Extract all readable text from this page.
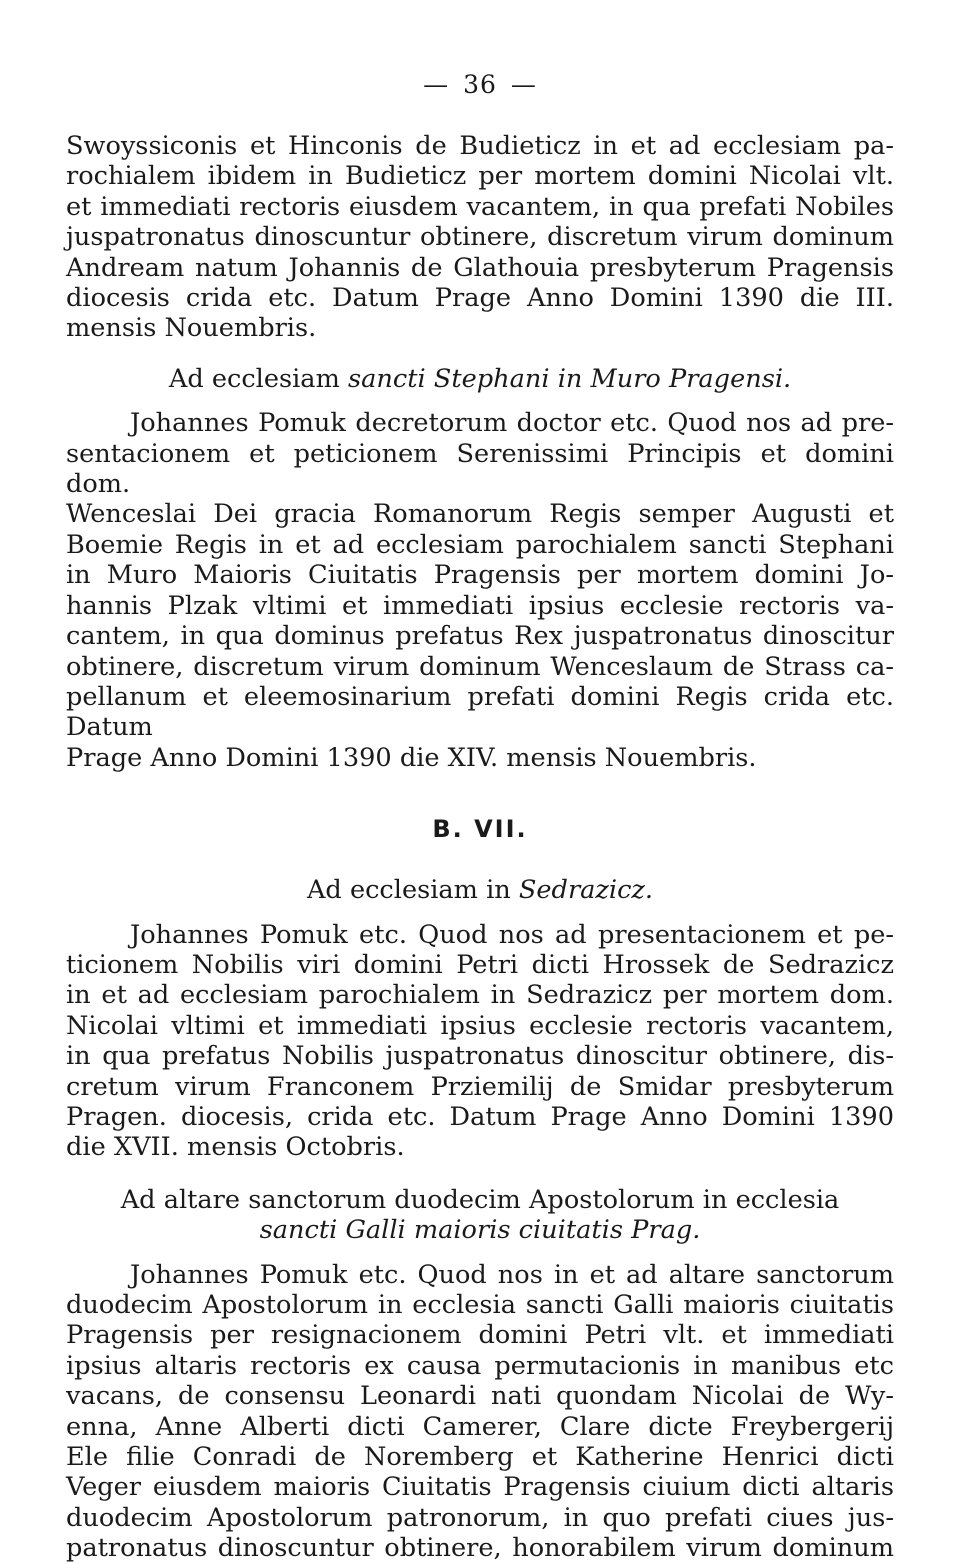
— 36 —
Swoyssiconis et Hinconis de Budieticz in et ad ecclesiam pa-
rochialem ibidem in Budieticz per mortem domini Nicolai vlt.
et immediati rectoris eiusdem vacantem, in qua prefati Nobiles
juspatronatus dinoscuntur obtinere, discretum virum dominum
Andream natum Johannis de Glathouia presbyterum Pragensis
diocesis crida etc. Datum Prage Anno Domini 1390 die III.
mensis Nouembris.
Ad ecclesiam sancti Stephani in Muro Pragensi.
Johannes Pomuk decretorum doctor etc. Quod nos ad pre-
sentacionem et peticionem Serenissimi Principis et domini dom.
Wenceslai Dei gracia Romanorum Regis semper Augusti et
Boemie Regis in et ad ecclesiam parochialem sancti Stephani
in Muro Maioris Ciuitatis Pragensis per mortem domini Jo-
hannis Plzak vltimi et immediati ipsius ecclesie rectoris va-
cantem, in qua dominus prefatus Rex juspatronatus dinoscitur
obtinere, discretum virum dominum Wenceslaum de Strass ca-
pellanum et eleemosinarium prefati domini Regis crida etc. Datum
Prage Anno Domini 1390 die XIV. mensis Nouembris.
B. VII.
Ad ecclesiam in Sedrazicz.
Johannes Pomuk etc. Quod nos ad presentacionem et pe-
ticionem Nobilis viri domini Petri dicti Hrossek de Sedrazicz
in et ad ecclesiam parochialem in Sedrazicz per mortem dom.
Nicolai vltimi et immediati ipsius ecclesie rectoris vacantem,
in qua prefatus Nobilis juspatronatus dinoscitur obtinere, dis-
cretum virum Franconem Prziemilij de Smidar presbyterum
Pragen. diocesis, crida etc. Datum Prage Anno Domini 1390
die XVII. mensis Octobris.
Ad altare sanctorum duodecim Apostolorum in ecclesia
sancti Galli maioris ciuitatis Prag.
Johannes Pomuk etc. Quod nos in et ad altare sanctorum
duodecim Apostolorum in ecclesia sancti Galli maioris ciuitatis
Pragensis per resignacionem domini Petri vlt. et immediati
ipsius altaris rectoris ex causa permutacionis in manibus etc
vacans, de consensu Leonardi nati quondam Nicolai de Wy-
enna, Anne Alberti dicti Camerer, Clare dicte Freybergerij
Ele filie Conradi de Noremberg et Katherine Henrici dicti
Veger eiusdem maioris Ciuitatis Pragensis ciuium dicti altaris
duodecim Apostolorum patronorum, in quo prefati ciues jus-
patronatus dinoscuntur obtinere, honorabilem virum dominum
